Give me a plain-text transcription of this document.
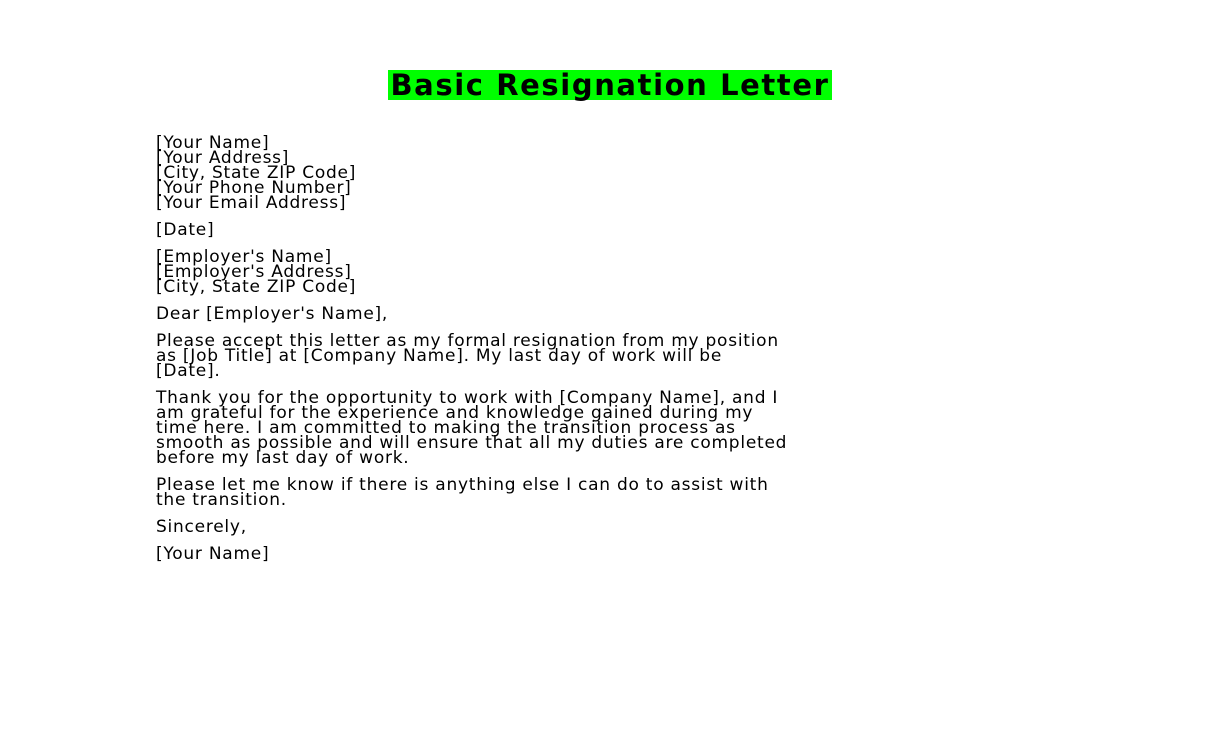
Basic Resignation Letter
[Your Name]
[Your Address]
[City, State ZIP Code]
[Your Phone Number]
[Your Email Address]
[Date]
[Employer's Name]
[Employer's Address]
[City, State ZIP Code]
Dear [Employer's Name],
Please accept this letter as my formal resignation from my position
as [Job Title] at [Company Name]. My last day of work will be
[Date].
Thank you for the opportunity to work with [Company Name], and I
am grateful for the experience and knowledge gained during my
time here. I am committed to making the transition process as
smooth as possible and will ensure that all my duties are completed
before my last day of work.
Please let me know if there is anything else I can do to assist with
the transition.
Sincerely,
[Your Name]
